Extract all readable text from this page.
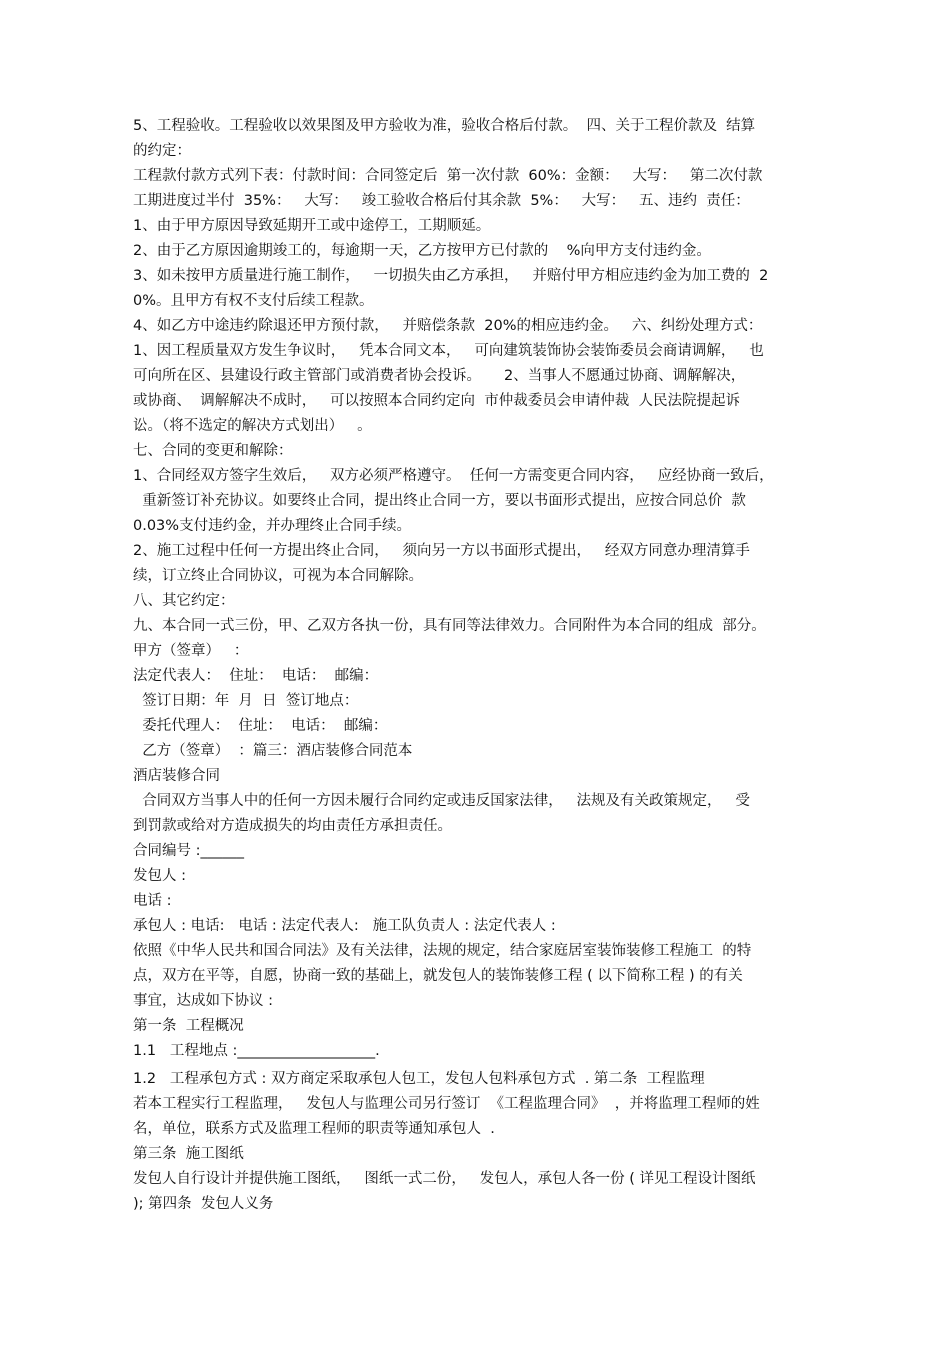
5、工程验收。工程验收以效果图及甲方验收为准，验收合格后付款。  四、关于工程价款及  结算
的约定：
工程款付款方式列下表：付款时间：合同签定后  第一次付款  60%：金额：   大写：   第二次付款
工期进度过半付  35%：   大写：   竣工验收合格后付其余款  5%：   大写：   五、违约  责任：
1、由于甲方原因导致延期开工或中途停工，工期顺延。
2、由于乙方原因逾期竣工的，每逾期一天，乙方按甲方已付款的    %向甲方支付违约金。
3、如未按甲方质量进行施工制作，   一切损失由乙方承担，   并赔付甲方相应违约金为加工费的  2
0%。且甲方有权不支付后续工程款。
4、如乙方中途违约除退还甲方预付款，   并赔偿条款  20%的相应违约金。   六、纠纷处理方式：
1、因工程质量双方发生争议时，   凭本合同文本，   可向建筑装饰协会装饰委员会商请调解，   也
可向所在区、县建设行政主管部门或消费者协会投诉。     2、当事人不愿通过协商、调解解决，
或协商、  调解解决不成时，   可以按照本合同约定向  市仲裁委员会申请仲裁  人民法院提起诉
讼。（将不选定的解决方式划出）   。
七、合同的变更和解除：
1、合同经双方签字生效后，   双方必须严格遵守。  任何一方需变更合同内容，   应经协商一致后，
重新签订补充协议。如要终止合同，提出终止合同一方，要以书面形式提出，应按合同总价  款
0.03%支付违约金，并办理终止合同手续。
2、施工过程中任何一方提出终止合同，   须向另一方以书面形式提出，   经双方同意办理清算手
续，订立终止合同协议，可视为本合同解除。
八、其它约定：
九、本合同一式三份，甲、乙双方各执一份，具有同等法律效力。合同附件为本合同的组成  部分。
甲方（签章）   ：
法定代表人：  住址：  电话：  邮编：
签订日期：年  月  日  签订地点：
委托代理人：  住址：  电话：  邮编：
乙方（签章）  ：篇三：酒店装修合同范本
酒店装修合同
合同双方当事人中的任何一方因未履行合同约定或违反国家法律，   法规及有关政策规定，   受
到罚款或给对方造成损失的均由责任方承担责任。
合同编号 :______
发包人 :
电话 :
承包人 : 电话:   电话 : 法定代表人:   施工队负责人 : 法定代表人 :
依照《中华人民共和国合同法》及有关法律，法规的规定，结合家庭居室装饰装修工程施工  的特
点，双方在平等，自愿，协商一致的基础上，就发包人的装饰装修工程 ( 以下简称工程 ) 的有关
事宜，达成如下协议 :
第一条  工程概况
1.1   工程地点 :___________________.
1.2   工程承包方式 : 双方商定采取承包人包工，发包人包料承包方式  . 第二条  工程监理
若本工程实行工程监理，   发包人与监理公司另行签订  《工程监理合同》  ，并将监理工程师的姓
名，单位，联系方式及监理工程师的职责等通知承包人  .
第三条  施工图纸
发包人自行设计并提供施工图纸，   图纸一式二份，   发包人，承包人各一份 ( 详见工程设计图纸
); 第四条  发包人义务
